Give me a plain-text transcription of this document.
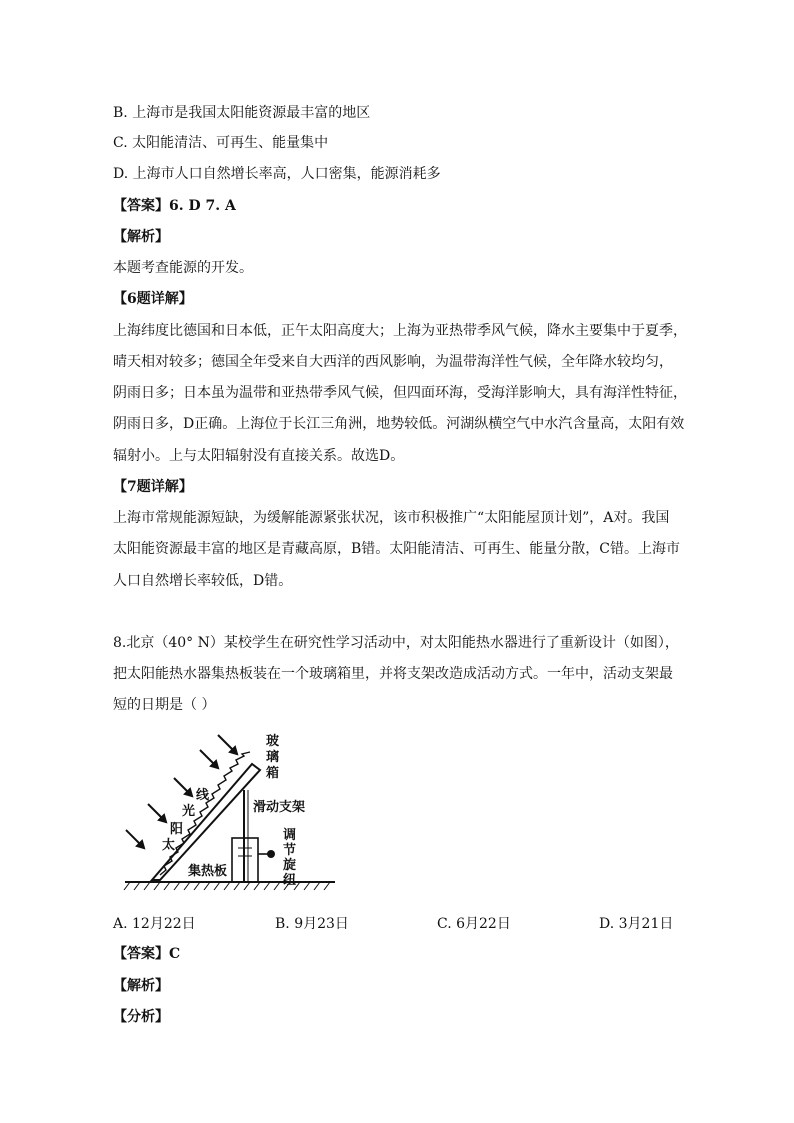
B. 上海市是我国太阳能资源最丰富的地区
C. 太阳能清洁、可再生、能量集中
D. 上海市人口自然增长率高，人口密集，能源消耗多
【答案】6. D 7. A
【解析】
本题考查能源的开发。
【6题详解】
上海纬度比德国和日本低，正午太阳高度大；上海为亚热带季风气候，降水主要集中于夏季，
晴天相对较多；德国全年受来自大西洋的西风影响，为温带海洋性气候，全年降水较均匀，
阴雨日多；日本虽为温带和亚热带季风气候，但四面环海，受海洋影响大，具有海洋性特征，
阴雨日多，D正确。上海位于长江三角洲，地势较低。河湖纵横空气中水汽含量高，太阳有效
辐射小。上与太阳辐射没有直接关系。故选D。
【7题详解】
上海市常规能源短缺，为缓解能源紧张状况，该市积极推广“太阳能屋顶计划”，A对。我国
太阳能资源最丰富的地区是青藏高原，B错。太阳能清洁、可再生、能量分散，C错。上海市
人口自然增长率较低，D错。
8.北京（40° N）某校学生在研究性学习活动中，对太阳能热水器进行了重新设计（如图），
把太阳能热水器集热板装在一个玻璃箱里，并将支架改造成活动方式。一年中，活动支架最
短的日期是（ ）
太
阳
光
线
玻
璃
箱
滑动支架
调
节
旋
纽
集热板
A. 12月22日	B. 9月23日	C. 6月22日	D. 3月21日
【答案】C
【解析】
【分析】
